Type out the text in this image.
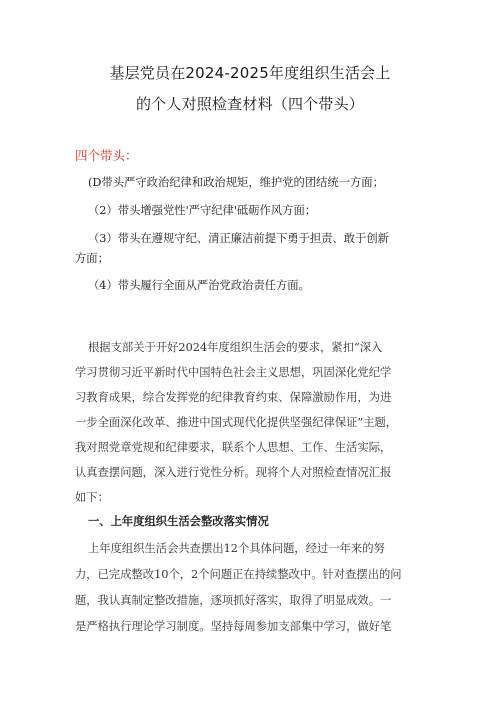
基层党员在2024-2025年度组织生活会上
的个人对照检查材料（四个带头）
四个带头：
(D带头严守政治纪律和政治规矩，维护党的团结统一方面；
（2）带头增强党性'严守纪律'砥砺作风方面；
（3）带头在遵规守纪、清正廉洁前提下勇于担责、敢于创新
方面；
（4）带头履行全面从严治党政治责任方面。
根据支部关于开好2024年度组织生活会的要求，紧扣“深入
学习贯彻习近平新时代中国特色社会主义思想，巩固深化党纪学
习教育成果，综合发挥党的纪律教育约束、保障激励作用，为进
一步全面深化改革、推进中国式现代化提供坚强纪律保证”主题，
我对照党章党规和纪律要求，联系个人思想、工作、生活实际，
认真查摆问题，深入进行党性分析。现将个人对照检查情况汇报
如下：
一、上年度组织生活会整改落实情况
上年度组织生活会共查摆出12个具体问题，经过一年来的努
力，已完成整改10个，2个问题正在持续整改中。针对查摆出的问
题，我认真制定整改措施，逐项抓好落实，取得了明显成效。一
是严格执行理论学习制度。坚持每周参加支部集中学习，做好笔
